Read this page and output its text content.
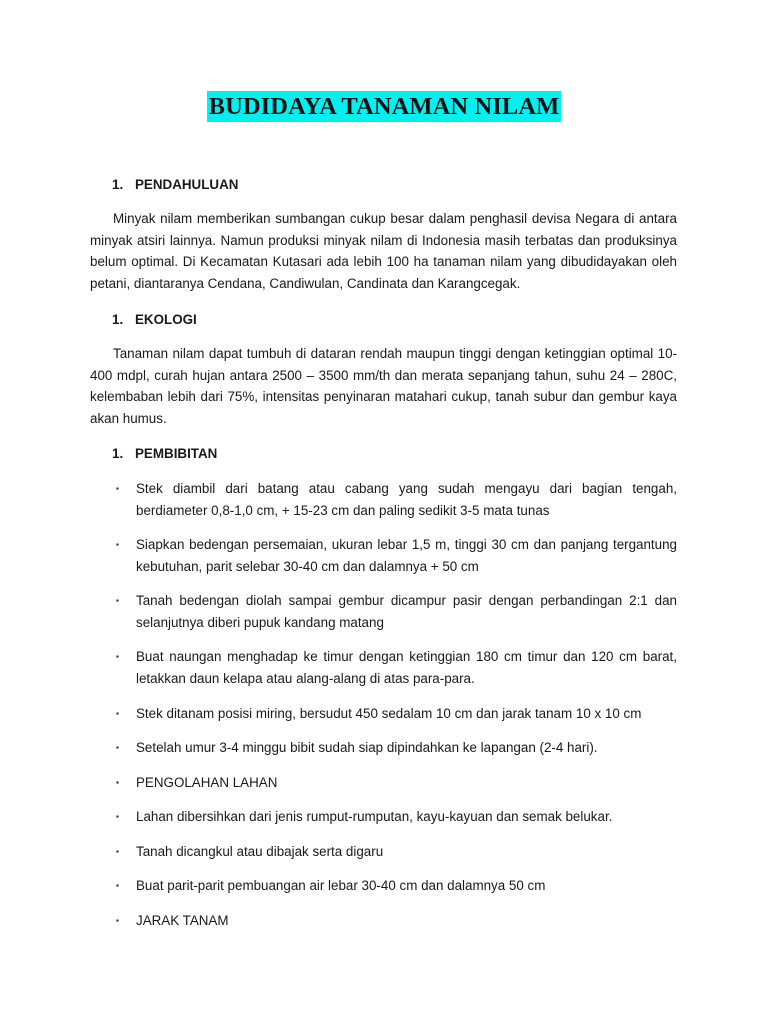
BUDIDAYA TANAMAN NILAM
1. PENDAHULUAN
Minyak nilam memberikan sumbangan cukup besar dalam penghasil devisa Negara di antara minyak atsiri lainnya. Namun produksi minyak nilam di Indonesia masih terbatas dan produksinya belum optimal. Di Kecamatan Kutasari ada lebih 100 ha tanaman nilam yang dibudidayakan oleh petani, diantaranya Cendana, Candiwulan, Candinata dan Karangcegak.
1. EKOLOGI
Tanaman nilam dapat tumbuh di dataran rendah maupun tinggi dengan ketinggian optimal 10-400 mdpl, curah hujan antara 2500 – 3500 mm/th dan merata sepanjang tahun, suhu 24 – 280C, kelembaban lebih dari 75%, intensitas penyinaran matahari cukup, tanah subur dan gembur kaya akan humus.
1. PEMBIBITAN
▪ Stek diambil dari batang atau cabang yang sudah mengayu dari bagian tengah, berdiameter 0,8-1,0 cm, + 15-23 cm dan paling sedikit 3-5 mata tunas
▪ Siapkan bedengan persemaian, ukuran lebar 1,5 m, tinggi 30 cm dan panjang tergantung kebutuhan, parit selebar 30-40 cm dan dalamnya + 50 cm
▪ Tanah bedengan diolah sampai gembur dicampur pasir dengan perbandingan 2:1 dan selanjutnya diberi pupuk kandang matang
▪ Buat naungan menghadap ke timur dengan ketinggian 180 cm timur dan 120 cm barat, letakkan daun kelapa atau alang-alang di atas para-para.
▪ Stek ditanam posisi miring, bersudut 450 sedalam 10 cm dan jarak tanam 10 x 10 cm
▪ Setelah umur 3-4 minggu bibit sudah siap dipindahkan ke lapangan (2-4 hari).
▪ PENGOLAHAN LAHAN
▪ Lahan dibersihkan dari jenis rumput-rumputan, kayu-kayuan dan semak belukar.
▪ Tanah dicangkul atau dibajak serta digaru
▪ Buat parit-parit pembuangan air lebar 30-40 cm dan dalamnya 50 cm
▪ JARAK TANAM
